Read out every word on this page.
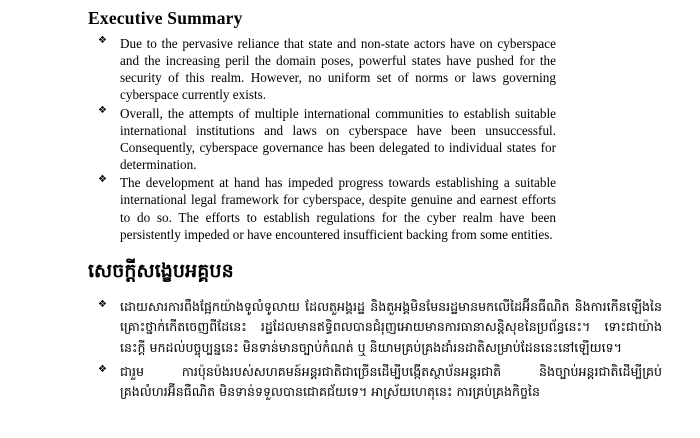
Executive Summary
❖ Due to the pervasive reliance that state and non-state actors have on cyberspace and the increasing peril the domain poses, powerful states have pushed for the security of this realm. However, no uniform set of norms or laws governing cyberspace currently exists.
❖ Overall, the attempts of multiple international communities to establish suitable international institutions and laws on cyberspace have been unsuccessful. Consequently, cyberspace governance has been delegated to individual states for determination.
❖ The development at hand has impeded progress towards establishing a suitable international legal framework for cyberspace, despite genuine and earnest efforts to do so. The efforts to establish regulations for the cyber realm have been persistently impeded or have encountered insufficient backing from some entities.
សេចក្ដីសង្ខេបអគ្គបន
❖ ដោយសារការពឹងផ្អែកយ៉ាងទូលំទូលាយ ដែលតួអង្គរដ្ឋ និងតួអង្គមិនមែនរដ្ឋមានមកលើដៃអ៊ីនធឺណិត និងការកើនឡើងនៃគ្រោះថ្នាក់កើតចេញពីដែនេះ រដ្ឋដែលមានឥទ្ធិពលបានជំរុញអោយមានការធានាសន្តិសុខនៃប្រព័ន្ធនេះ។ ទោះជាយ៉ាងនេះក្ដី មកដល់បច្ចុប្បន្ននេះ មិនទាន់មានច្បាប់កំណត់ ឬ និយាមគ្រប់គ្រងដាំរនដាតិសម្រាប់ដែននេះនៅឡើយទេ។
❖ ជារួម ការប៉ុនប៉ងរបស់សហគមន៍អន្តរជាតិជាច្រើនដើម្បីបង្កើតស្ថាប័នអន្តរជាតិ និងច្បាប់អន្តរជាតិដើម្បីគ្រប់គ្រងលំហរអ៊ីនធឺណិត មិនទាន់ទទួលបានជោគជ័យទេ។ អាស្រ័យហេតុនេះ ការគ្រប់គ្រងកិច្ចនៃ
